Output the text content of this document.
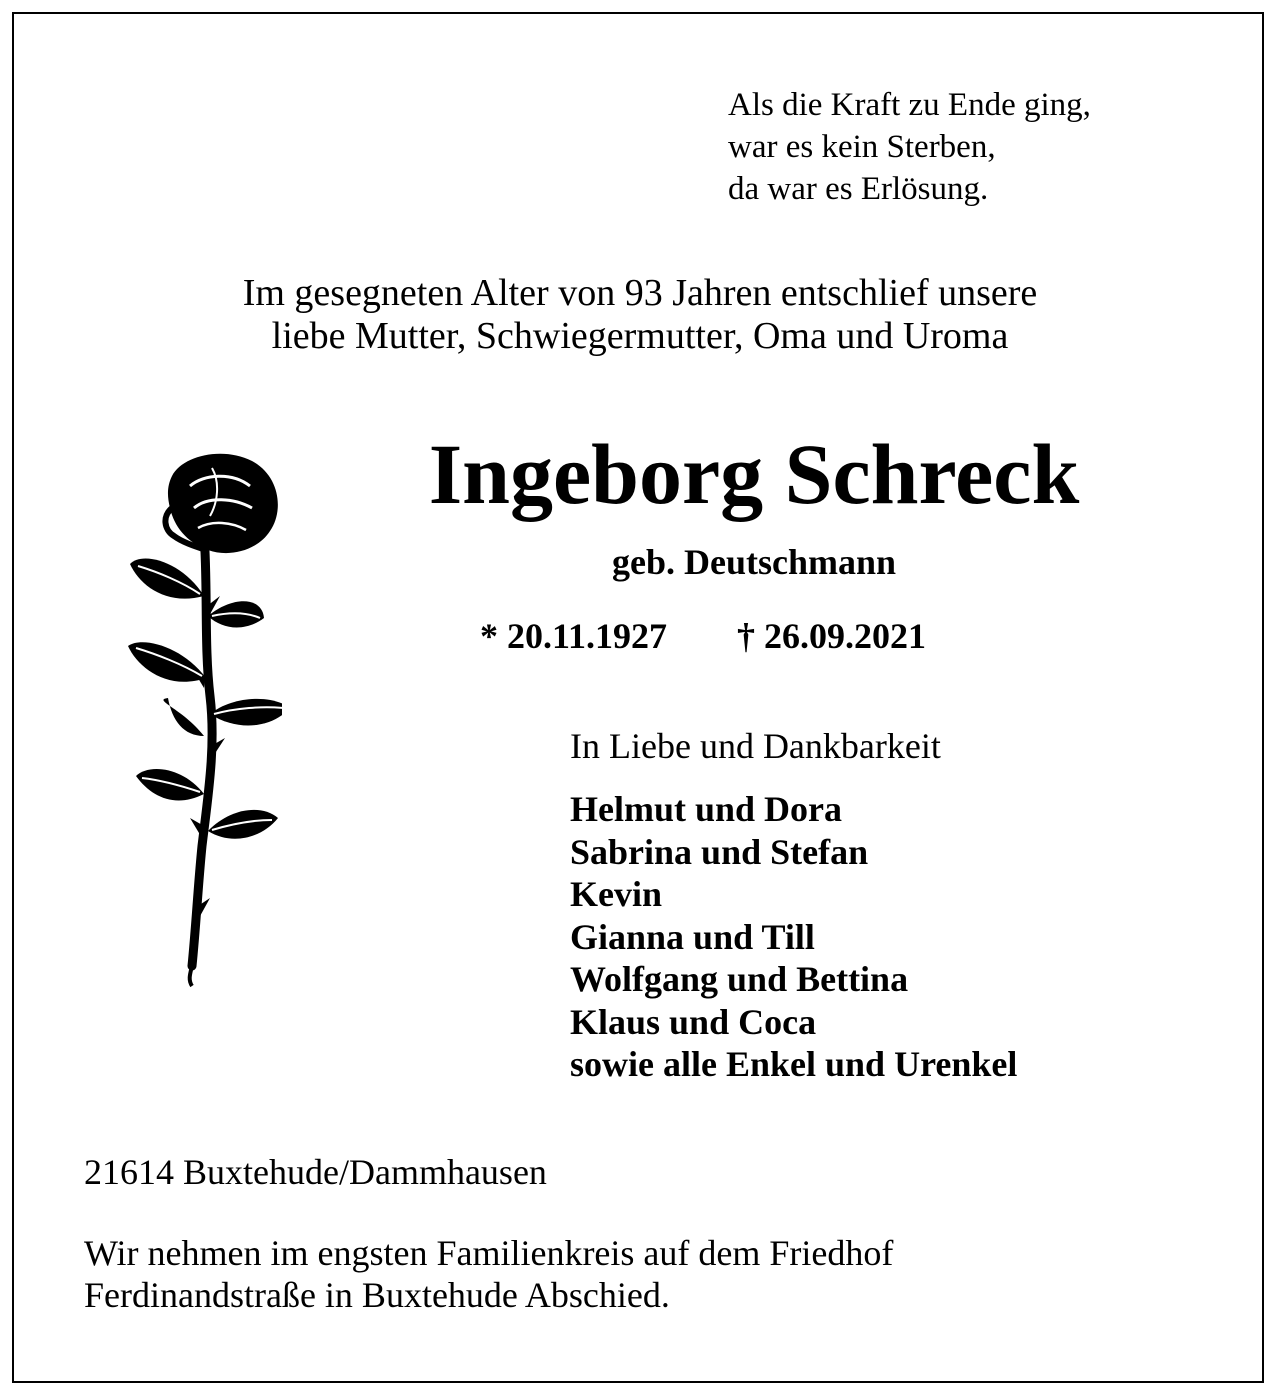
Als die Kraft zu Ende ging,
war es kein Sterben,
da war es Erlösung.
Im gesegneten Alter von 93 Jahren entschlief unsere
liebe Mutter, Schwiegermutter, Oma und Uroma
Ingeborg Schreck
geb. Deutschmann
* 20.11.1927 † 26.09.2021
In Liebe und Dankbarkeit
Helmut und Dora
Sabrina und Stefan
Kevin
Gianna und Till
Wolfgang und Bettina
Klaus und Coca
sowie alle Enkel und Urenkel
21614 Buxtehude/Dammhausen
Wir nehmen im engsten Familienkreis auf dem Friedhof
Ferdinandstraße in Buxtehude Abschied.
